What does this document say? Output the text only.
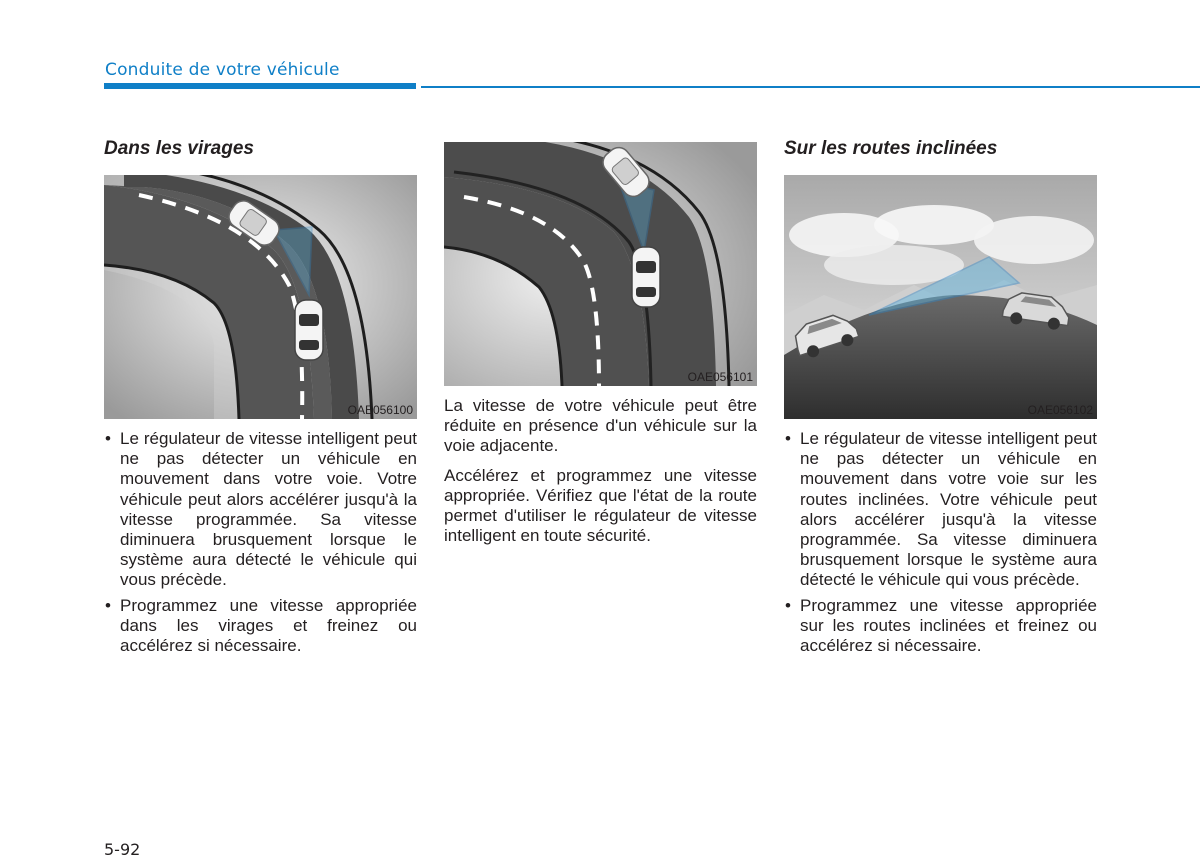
Conduite de votre véhicule
Dans les virages
OAE056100
• Le régulateur de vitesse intelligent peut ne pas détecter un véhicule en mouvement dans votre voie. Votre véhicule peut alors accélérer jusqu'à la vitesse programmée. Sa vitesse diminuera brusquement lorsque le système aura détecté le véhicule qui vous précède.
• Programmez une vitesse appropriée dans les virages et freinez ou accélérez si nécessaire.
OAE056101

La vitesse de votre véhicule peut être réduite en présence d'un véhicule sur la voie adjacente.

Accélérez et programmez une vitesse appropriée. Vérifiez que l'état de la route permet d'utiliser le régulateur de vitesse intelligent en toute sécurité.

Sur les routes inclinées
OAE056102
• Le régulateur de vitesse intelligent peut ne pas détecter un véhicule en mouvement dans votre voie sur les routes inclinées. Votre véhicule peut alors accélérer jusqu'à la vitesse programmée. Sa vitesse diminuera brusquement lorsque le système aura détecté le véhicule qui vous précède.
• Programmez une vitesse appropriée sur les routes inclinées et freinez ou accélérez si nécessaire.
5-92
